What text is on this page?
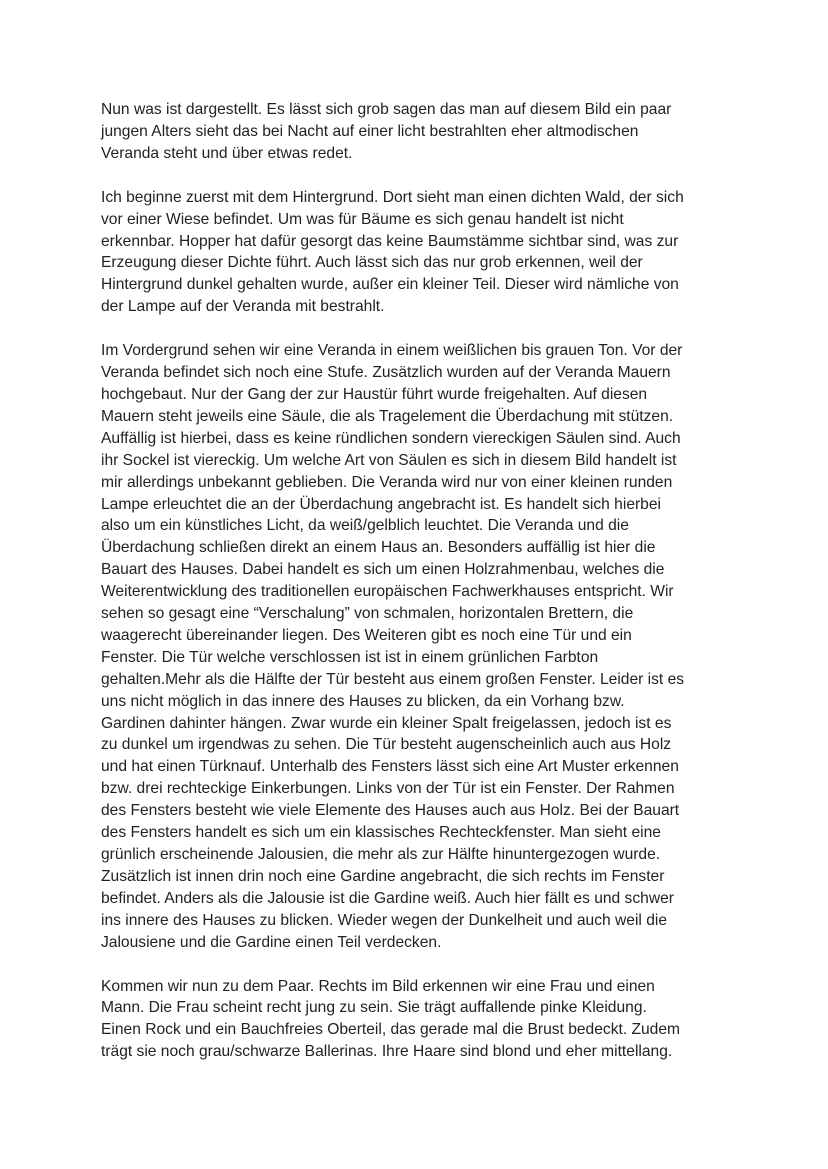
Nun was ist dargestellt. Es lässt sich grob sagen das man auf diesem Bild ein paar
jungen Alters sieht das bei Nacht auf einer licht bestrahlten eher altmodischen
Veranda steht und über etwas redet.
Ich beginne zuerst mit dem Hintergrund. Dort sieht man einen dichten Wald, der sich
vor einer Wiese befindet. Um was für Bäume es sich genau handelt ist nicht
erkennbar. Hopper hat dafür gesorgt das keine Baumstämme sichtbar sind, was zur
Erzeugung dieser Dichte führt. Auch lässt sich das nur grob erkennen, weil der
Hintergrund dunkel gehalten wurde, außer ein kleiner Teil. Dieser wird nämliche von
der Lampe auf der Veranda mit bestrahlt.
Im Vordergrund sehen wir eine Veranda in einem weißlichen bis grauen Ton. Vor der
Veranda befindet sich noch eine Stufe. Zusätzlich wurden auf der Veranda Mauern
hochgebaut. Nur der Gang der zur Haustür führt wurde freigehalten. Auf diesen
Mauern steht jeweils eine Säule, die als Tragelement die Überdachung mit stützen.
Auffällig ist hierbei, dass es keine ründlichen sondern viereckigen Säulen sind. Auch
ihr Sockel ist viereckig. Um welche Art von Säulen es sich in diesem Bild handelt ist
mir allerdings unbekannt geblieben. Die Veranda wird nur von einer kleinen runden
Lampe erleuchtet die an der Überdachung angebracht ist. Es handelt sich hierbei
also um ein künstliches Licht, da weiß/gelblich leuchtet. Die Veranda und die
Überdachung schließen direkt an einem Haus an. Besonders auffällig ist hier die
Bauart des Hauses. Dabei handelt es sich um einen Holzrahmenbau, welches die
Weiterentwicklung des traditionellen europäischen Fachwerkhauses entspricht. Wir
sehen so gesagt eine “Verschalung” von schmalen, horizontalen Brettern, die
waagerecht übereinander liegen. Des Weiteren gibt es noch eine Tür und ein
Fenster. Die Tür welche verschlossen ist ist in einem grünlichen Farbton
gehalten.Mehr als die Hälfte der Tür besteht aus einem großen Fenster. Leider ist es
uns nicht möglich in das innere des Hauses zu blicken, da ein Vorhang bzw.
Gardinen dahinter hängen. Zwar wurde ein kleiner Spalt freigelassen, jedoch ist es
zu dunkel um irgendwas zu sehen. Die Tür besteht augenscheinlich auch aus Holz
und hat einen Türknauf. Unterhalb des Fensters lässt sich eine Art Muster erkennen
bzw. drei rechteckige Einkerbungen. Links von der Tür ist ein Fenster. Der Rahmen
des Fensters besteht wie viele Elemente des Hauses auch aus Holz. Bei der Bauart
des Fensters handelt es sich um ein klassisches Rechteckfenster. Man sieht eine
grünlich erscheinende Jalousien, die mehr als zur Hälfte hinuntergezogen wurde.
Zusätzlich ist innen drin noch eine Gardine angebracht, die sich rechts im Fenster
befindet. Anders als die Jalousie ist die Gardine weiß. Auch hier fällt es und schwer
ins innere des Hauses zu blicken. Wieder wegen der Dunkelheit und auch weil die
Jalousiene und die Gardine einen Teil verdecken.
Kommen wir nun zu dem Paar. Rechts im Bild erkennen wir eine Frau und einen
Mann. Die Frau scheint recht jung zu sein. Sie trägt auffallende pinke Kleidung.
Einen Rock und ein Bauchfreies Oberteil, das gerade mal die Brust bedeckt. Zudem
trägt sie noch grau/schwarze Ballerinas. Ihre Haare sind blond und eher mittellang.
